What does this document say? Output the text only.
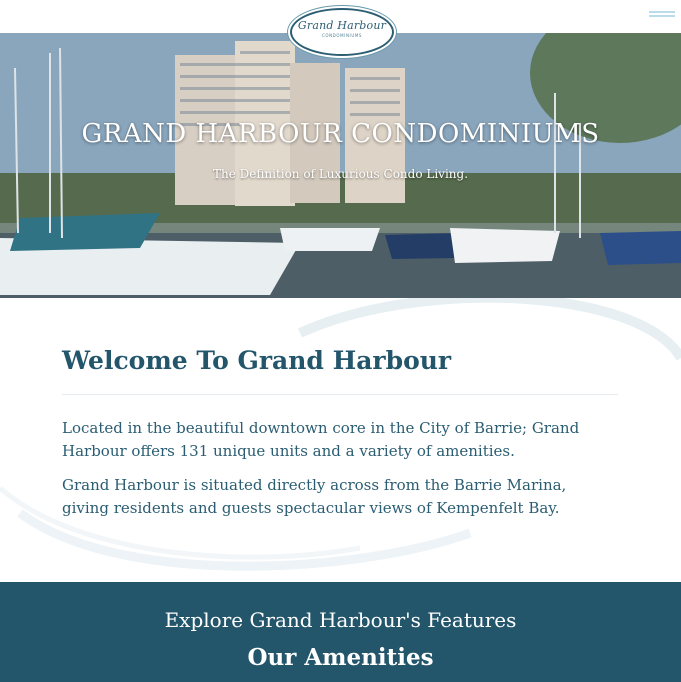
Grand Harbour
CONDOMINIUMS
GRAND HARBOUR CONDOMINIUMS
The Definition of Luxurious Condo Living.
Welcome To Grand Harbour

Located in the beautiful downtown core in the City of Barrie; Grand Harbour offers 131 unique units and a variety of amenities.

Grand Harbour is situated directly across from the Barrie Marina, giving residents and guests spectacular views of Kempenfelt Bay.

Explore Grand Harbour's Features
Our Amenities
